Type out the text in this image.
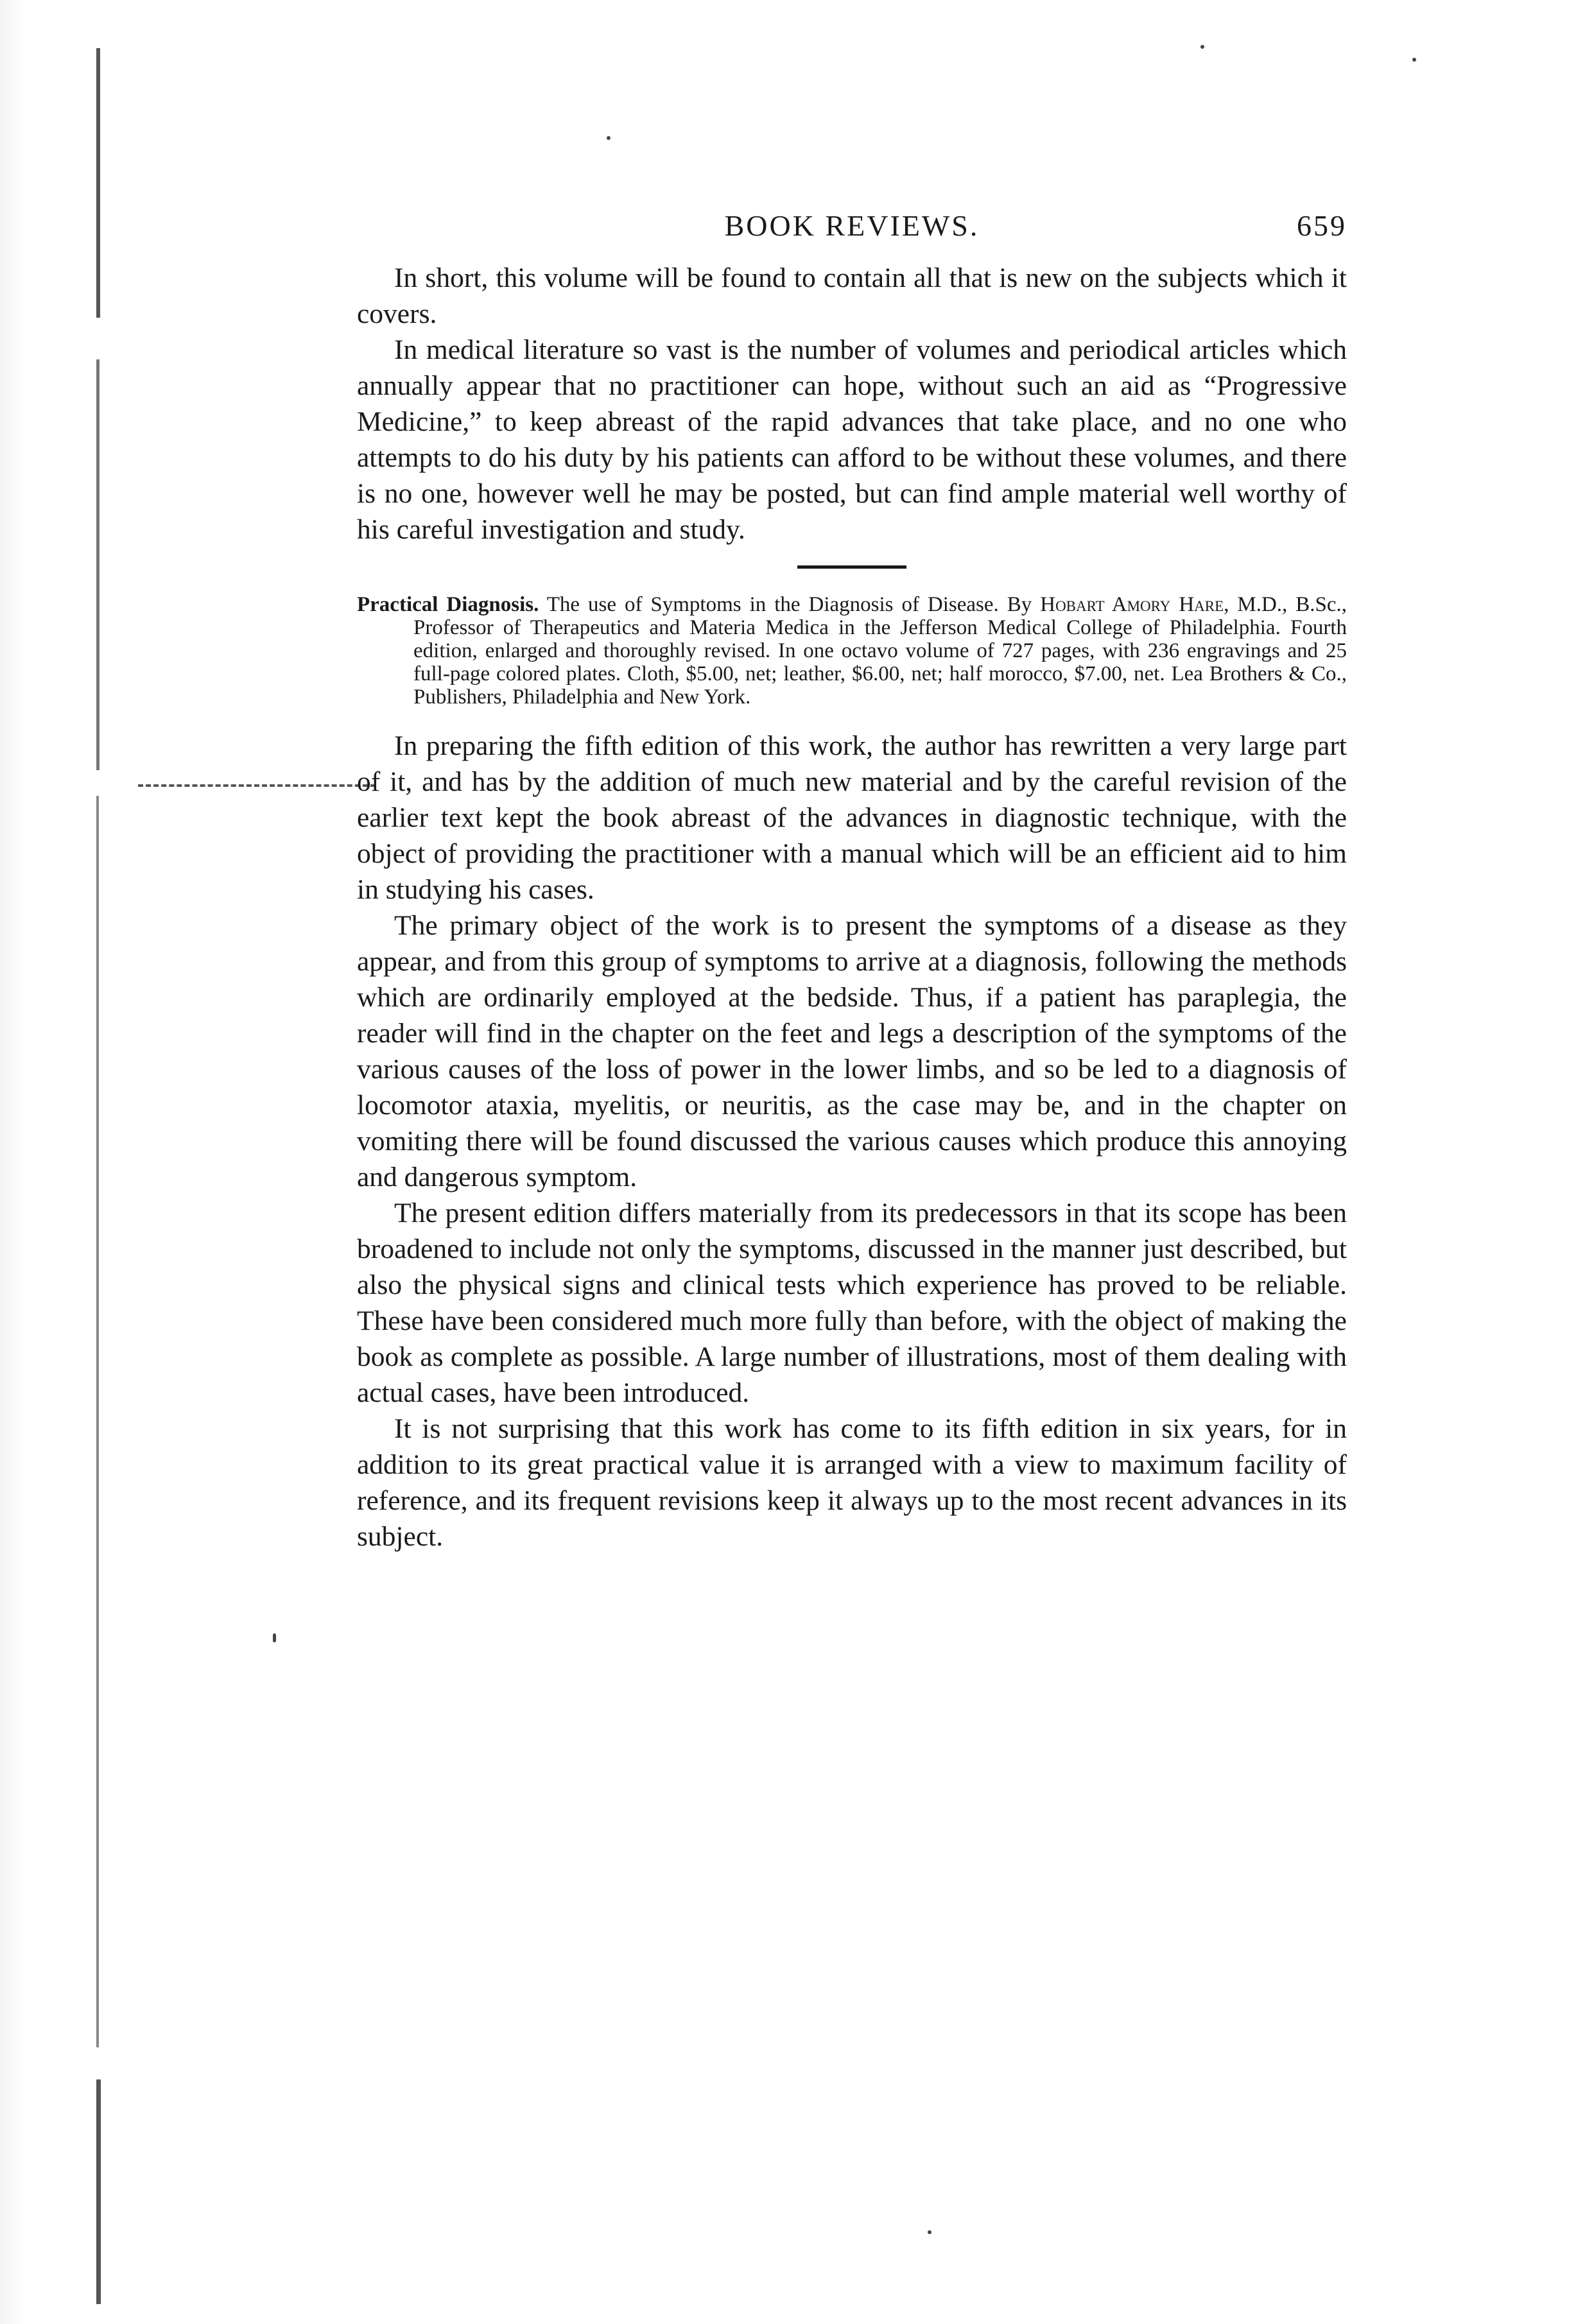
BOOK REVIEWS.	659

In short, this volume will be found to contain all that is new on the subjects which it covers.

In medical literature so vast is the number of volumes and periodical articles which annually appear that no practitioner can hope, without such an aid as “Progressive Medicine,” to keep abreast of the rapid advances that take place, and no one who attempts to do his duty by his patients can afford to be without these volumes, and there is no one, however well he may be posted, but can find ample material well worthy of his careful investigation and study.

Practical Diagnosis. The use of Symptoms in the Diagnosis of Disease. By Hobart Amory Hare, M.D., B.Sc., Professor of Therapeutics and Materia Medica in the Jefferson Medical College of Philadelphia. Fourth edition, enlarged and thoroughly revised. In one octavo volume of 727 pages, with 236 engravings and 25 full-page colored plates. Cloth, $5.00, net; leather, $6.00, net; half morocco, $7.00, net. Lea Brothers & Co., Publishers, Philadelphia and New York.

In preparing the fifth edition of this work, the author has rewritten a very large part of it, and has by the addition of much new material and by the careful revision of the earlier text kept the book abreast of the advances in diagnostic technique, with the object of providing the practitioner with a manual which will be an efficient aid to him in studying his cases.

The primary object of the work is to present the symptoms of a disease as they appear, and from this group of symptoms to arrive at a diagnosis, following the methods which are ordinarily employed at the bedside. Thus, if a patient has paraplegia, the reader will find in the chapter on the feet and legs a description of the symptoms of the various causes of the loss of power in the lower limbs, and so be led to a diagnosis of locomotor ataxia, myelitis, or neuritis, as the case may be, and in the chapter on vomiting there will be found discussed the various causes which produce this annoying and dangerous symptom.

The present edition differs materially from its predecessors in that its scope has been broadened to include not only the symptoms, discussed in the manner just described, but also the physical signs and clinical tests which experience has proved to be reliable. These have been considered much more fully than before, with the object of making the book as complete as possible. A large number of illustrations, most of them dealing with actual cases, have been introduced.

It is not surprising that this work has come to its fifth edition in six years, for in addition to its great practical value it is arranged with a view to maximum facility of reference, and its frequent revisions keep it always up to the most recent advances in its subject.
